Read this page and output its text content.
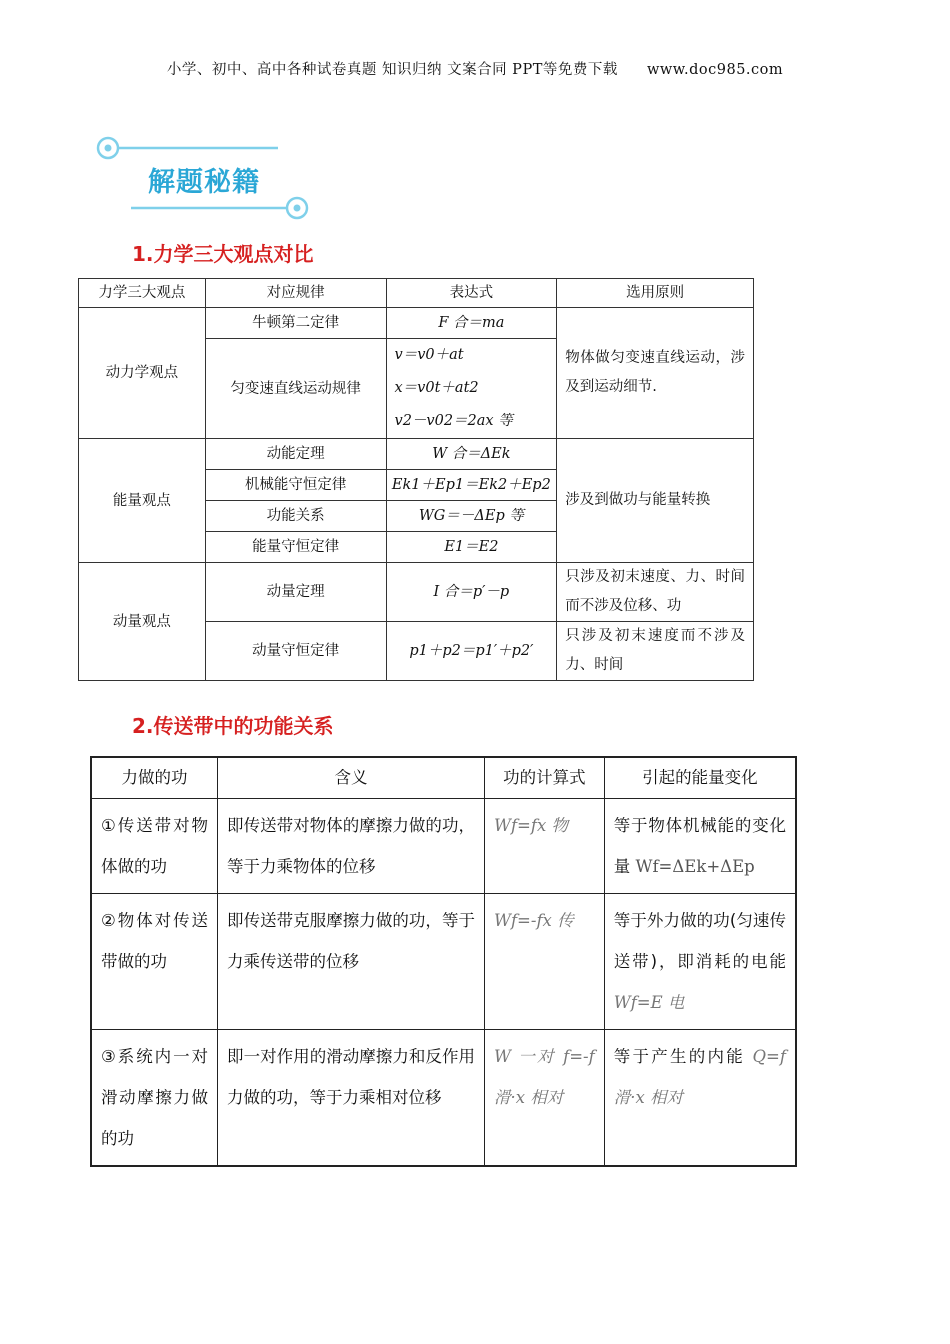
小学、初中、高中各种试卷真题 知识归纳 文案合同 PPT等免费下载 www.doc985.com
解题秘籍
1.力学三大观点对比
力学三大观点	对应规律	表达式	选用原则
动力学观点	牛顿第二定律	F 合＝ma	物体做匀变速直线运动，涉及到运动细节.
	匀变速直线运动规律	v＝v0＋at
x＝v0t＋at2
v2－v02＝2ax 等	

能量观点	动能定理	W 合＝ΔEk	涉及到做功与能量转换
	机械能守恒定律	Ek1＋Ep1＝Ek2＋Ep2	
	功能关系	WG＝－ΔEp 等	
	能量守恒定律	E1＝E2	
动量观点	动量定理	I 合＝p′－p	只涉及初末速度、力、时间而不涉及位移、功
	动量守恒定律	p1＋p2＝p1′＋p2′	只涉及初末速度而不涉及力、时间
2.传送带中的功能关系
力做的功	含义	功的计算式	引起的能量变化
①传送带对物体做的功	即传送带对物体的摩擦力做的功，等于力乘物体的位移	Wf=fx 物	等于物体机械能的变化量 Wf=ΔEk+ΔEp
②物体对传送带做的功	即传送带克服摩擦力做的功，等于力乘传送带的位移	Wf=-fx 传	等于外力做的功(匀速传送带)，即消耗的电能 Wf=E 电
③系统内一对滑动摩擦力做的功	即一对作用的滑动摩擦力和反作用力做的功，等于力乘相对位移	W 一对 f=-f 滑·x 相对	等于产生的内能 Q=f 滑·x 相对
